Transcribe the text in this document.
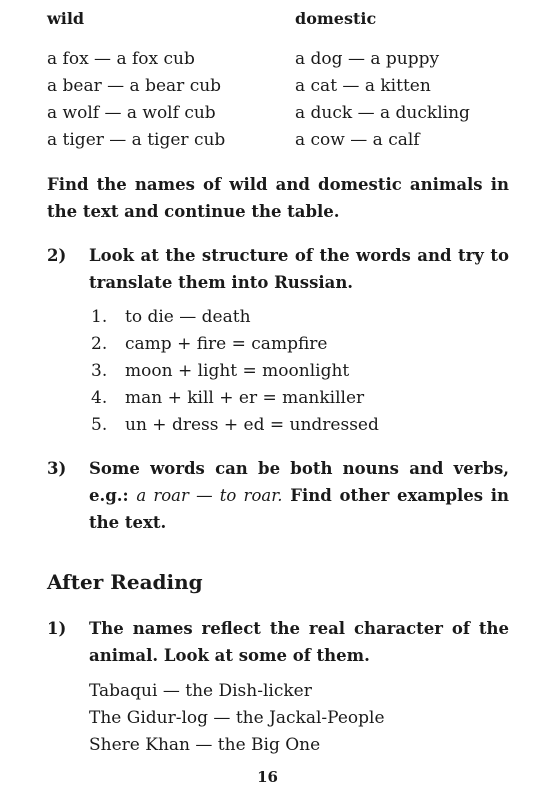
wild
a fox — a fox cub
a bear — a bear cub
a wolf — a wolf cub
a tiger — a tiger cub
domestic
a dog — a puppy
a cat — a kitten
a duck — a duckling
a cow — a calf
Find the names of wild and domestic animals in the text and continue the table.
2) Look at the structure of the words and try to translate them into Russian.
1. to die — death
2. camp + fire = campfire
3. moon + light = moonlight
4. man + kill + er = mankiller
5. un + dress + ed = undressed
3) Some words can be both nouns and verbs, e.g.: a roar — to roar. Find other examples in the text.
After Reading
1) The names reflect the real character of the animal. Look at some of them.
Tabaqui — the Dish-licker
The Gidur-log — the Jackal-People
Shere Khan — the Big One
16
